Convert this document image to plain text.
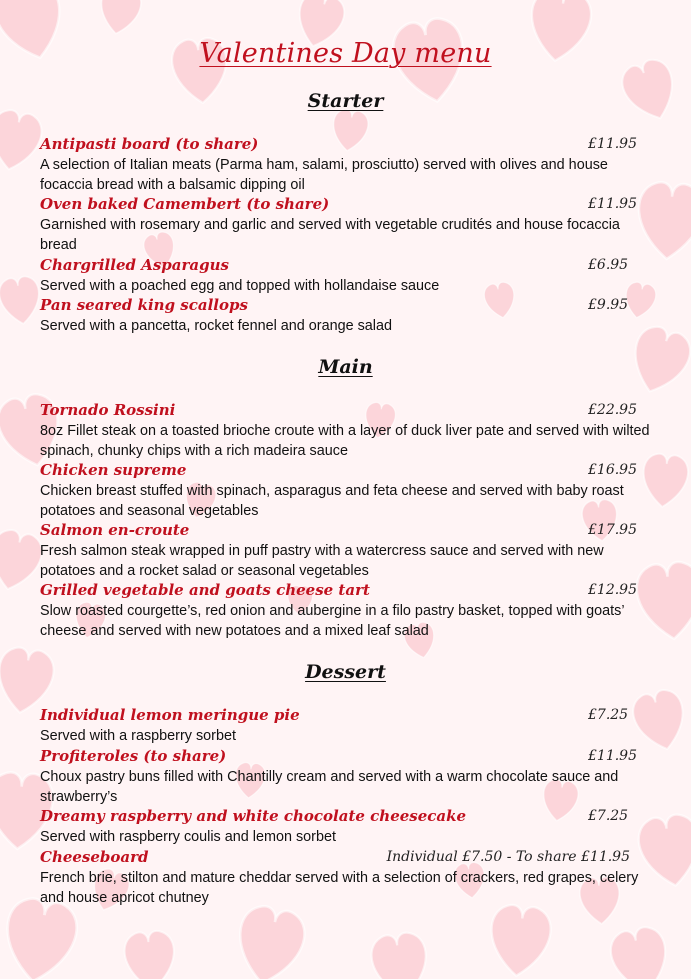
Valentines Day menu
Starter
Antipasti board (to share)	£11.95
A selection of Italian meats (Parma ham, salami, prosciutto) served with olives and house focaccia bread with a balsamic dipping oil
Oven baked Camembert (to share)	£11.95
Garnished with rosemary and garlic and served with vegetable crudités and house focaccia bread
Chargrilled Asparagus	£6.95
Served with a poached egg and topped with hollandaise sauce
Pan seared king scallops	£9.95
Served with a pancetta, rocket fennel and orange salad
Main
Tornado Rossini	£22.95
8oz Fillet steak on a toasted brioche croute with a layer of duck liver pate and served with wilted spinach, chunky chips with a rich madeira sauce
Chicken supreme	£16.95
Chicken breast stuffed with spinach, asparagus and feta cheese and served with baby roast potatoes and seasonal vegetables
Salmon en-croute	£17.95
Fresh salmon steak wrapped in puff pastry with a watercress sauce and served with new potatoes and a rocket salad or seasonal vegetables
Grilled vegetable and goats cheese tart	£12.95
Slow roasted courgette’s, red onion and aubergine in a filo pastry basket, topped with goats’ cheese and served with new potatoes and a mixed leaf salad
Dessert
Individual lemon meringue pie	£7.25
Served with a raspberry sorbet
Profiteroles (to share)	£11.95
Choux pastry buns filled with Chantilly cream and served with a warm chocolate sauce and strawberry’s
Dreamy raspberry and white chocolate cheesecake	£7.25
Served with raspberry coulis and lemon sorbet
Cheeseboard	Individual £7.50 - To share £11.95
French brie, stilton and mature cheddar served with a selection of crackers, red grapes, celery and house apricot chutney
